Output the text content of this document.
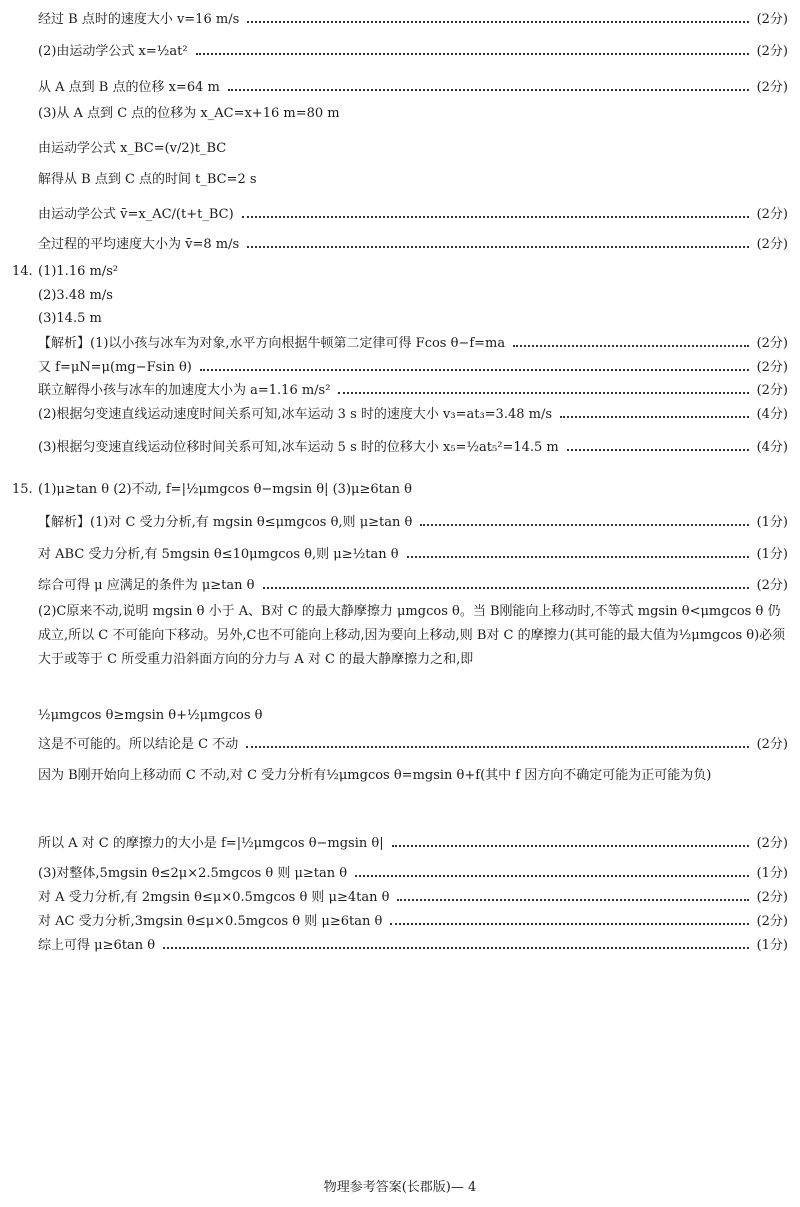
经过 B 点时的速度大小 v=16 m/s	(2分)
(2)由运动学公式 x=½at²	(2分)
从 A 点到 B 点的位移 x=64 m	(2分)
(3)从 A 点到 C 点的位移为 x_AC=x+16 m=80 m
由运动学公式 x_BC=(v/2)t_BC
解得从 B 点到 C 点的时间 t_BC=2 s
由运动学公式 v̄=x_AC/(t+t_BC)	(2分)
全过程的平均速度大小为 v̄=8 m/s	(2分)
14. (1)1.16 m/s²
(2)3.48 m/s
(3)14.5 m
【解析】(1)以小孩与冰车为对象,水平方向根据牛顿第二定律可得 Fcos θ−f=ma	(2分)
又 f=μN=μ(mg−Fsin θ)	(2分)
联立解得小孩与冰车的加速度大小为 a=1.16 m/s²	(2分)
(2)根据匀变速直线运动速度时间关系可知,冰车运动 3 s 时的速度大小 v₃=at₃=3.48 m/s	(4分)
(3)根据匀变速直线运动位移时间关系可知,冰车运动 5 s 时的位移大小 x₅=½at₅²=14.5 m	(4分)
15. (1)μ≥tan θ (2)不动, f=|½μmgcos θ−mgsin θ| (3)μ≥6tan θ
【解析】(1)对 C 受力分析,有 mgsin θ≤μmgcos θ,则 μ≥tan θ	(1分)
对 ABC 受力分析,有 5mgsin θ≤10μmgcos θ,则 μ≥½tan θ	(1分)
综合可得 μ 应满足的条件为 μ≥tan θ	(2分)
(2)C原来不动,说明 mgsin θ 小于 A、B对 C 的最大静摩擦力 μmgcos θ。当 B刚能向上移动时,不等式 mgsin θ<μmgcos θ 仍成立,所以 C 不可能向下移动。另外,C也不可能向上移动,因为要向上移动,则 B对 C 的摩擦力(其可能的最大值为½μmgcos θ)必须大于或等于 C 所受重力沿斜面方向的分力与 A 对 C 的最大静摩擦力之和,即
½μmgcos θ≥mgsin θ+½μmgcos θ
这是不可能的。所以结论是 C 不动	(2分)
因为 B刚开始向上移动而 C 不动,对 C 受力分析有½μmgcos θ=mgsin θ+f(其中 f 因方向不确定可能为正可能为负)
所以 A 对 C 的摩擦力的大小是 f=|½μmgcos θ−mgsin θ|	(2分)
(3)对整体,5mgsin θ≤2μ×2.5mgcos θ 则 μ≥tan θ	(1分)
对 A 受力分析,有 2mgsin θ≤μ×0.5mgcos θ 则 μ≥4tan θ	(2分)
对 AC 受力分析,3mgsin θ≤μ×0.5mgcos θ 则 μ≥6tan θ	(2分)
综上可得 μ≥6tan θ	(1分)
物理参考答案(长郡版)— 4
